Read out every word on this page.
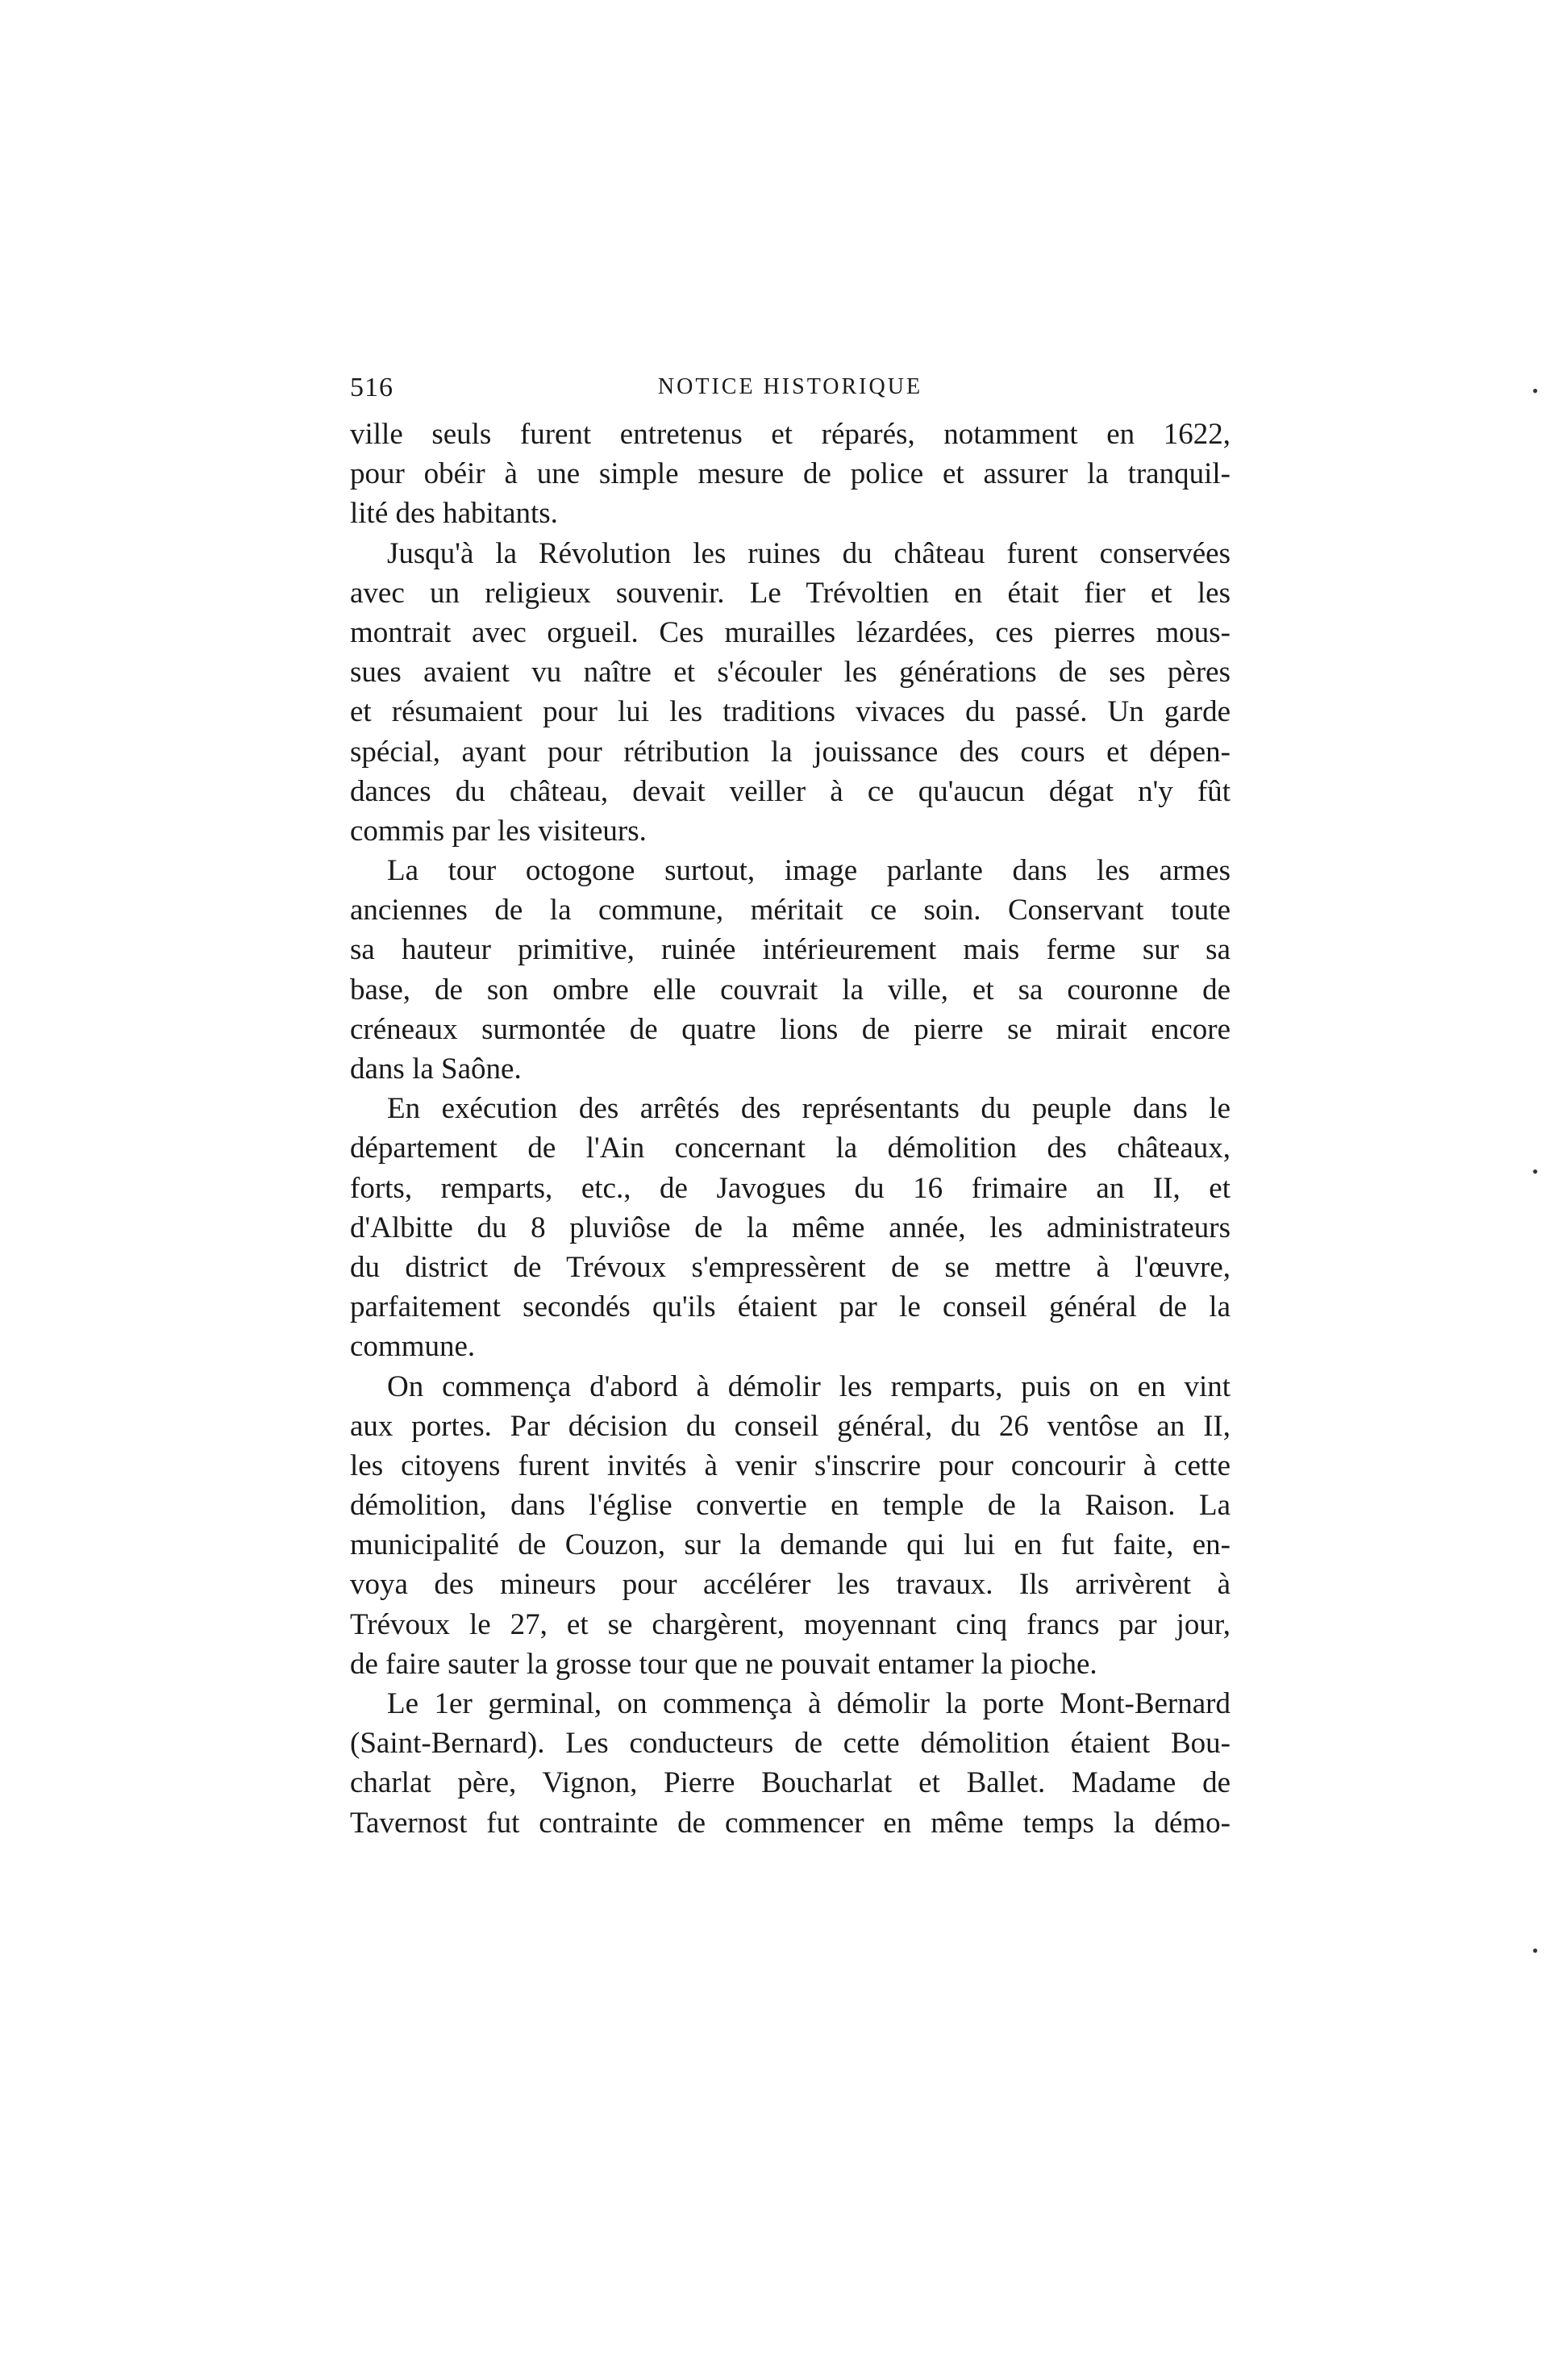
516	NOTICE HISTORIQUE
ville seuls furent entretenus et réparés, notamment en 1622,
pour obéir à une simple mesure de police et assurer la tranquil-
lité des habitants.
Jusqu'à la Révolution les ruines du château furent conservées
avec un religieux souvenir. Le Trévoltien en était fier et les
montrait avec orgueil. Ces murailles lézardées, ces pierres mous-
sues avaient vu naître et s'écouler les générations de ses pères
et résumaient pour lui les traditions vivaces du passé. Un garde
spécial, ayant pour rétribution la jouissance des cours et dépen-
dances du château, devait veiller à ce qu'aucun dégat n'y fût
commis par les visiteurs.
La tour octogone surtout, image parlante dans les armes
anciennes de la commune, méritait ce soin. Conservant toute
sa hauteur primitive, ruinée intérieurement mais ferme sur sa
base, de son ombre elle couvrait la ville, et sa couronne de
créneaux surmontée de quatre lions de pierre se mirait encore
dans la Saône.
En exécution des arrêtés des représentants du peuple dans le
département de l'Ain concernant la démolition des châteaux,
forts, remparts, etc., de Javogues du 16 frimaire an II, et
d'Albitte du 8 pluviôse de la même année, les administrateurs
du district de Trévoux s'empressèrent de se mettre à l'œuvre,
parfaitement secondés qu'ils étaient par le conseil général de la
commune.
On commença d'abord à démolir les remparts, puis on en vint
aux portes. Par décision du conseil général, du 26 ventôse an II,
les citoyens furent invités à venir s'inscrire pour concourir à cette
démolition, dans l'église convertie en temple de la Raison. La
municipalité de Couzon, sur la demande qui lui en fut faite, en-
voya des mineurs pour accélérer les travaux. Ils arrivèrent à
Trévoux le 27, et se chargèrent, moyennant cinq francs par jour,
de faire sauter la grosse tour que ne pouvait entamer la pioche.
Le 1er germinal, on commença à démolir la porte Mont-Bernard
(Saint-Bernard). Les conducteurs de cette démolition étaient Bou-
charlat père, Vignon, Pierre Boucharlat et Ballet. Madame de
Tavernost fut contrainte de commencer en même temps la démo-
•
•
•
